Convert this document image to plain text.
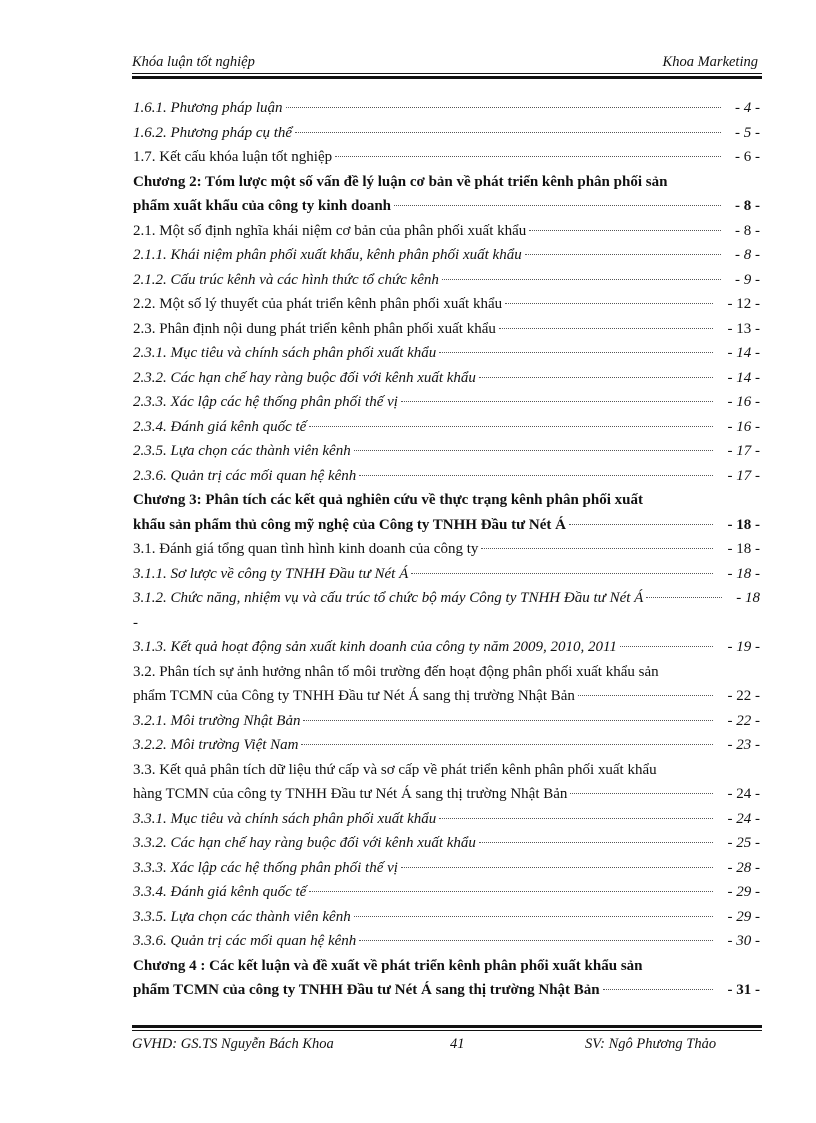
Khóa luận tốt nghiệp	Khoa Marketing
1.6.1. Phương pháp luận	- 4 -
1.6.2. Phương pháp cụ thể	- 5 -
1.7. Kết cấu khóa luận tốt nghiệp	- 6 -
Chương 2: Tóm lược một số vấn đề lý luận cơ bản về phát triển kênh phân phối sản
phẩm xuất khẩu của công ty kinh doanh	- 8 -
2.1. Một số định nghĩa khái niệm cơ bản của phân phối xuất khẩu	- 8 -
2.1.1. Khái niệm phân phối xuất khẩu, kênh phân phối xuất khẩu	- 8 -
2.1.2. Cấu trúc kênh và các hình thức tổ chức kênh	- 9 -
2.2. Một số lý thuyết của phát triển kênh phân phối xuất khẩu	- 12 -
2.3. Phân định nội dung phát triển kênh phân phối xuất khẩu	- 13 -
2.3.1. Mục tiêu và chính sách phân phối xuất khẩu	- 14 -
2.3.2. Các hạn chế hay ràng buộc đối với kênh xuất khẩu	- 14 -
2.3.3. Xác lập các hệ thống phân phối thế vị	- 16 -
2.3.4. Đánh giá kênh quốc tế	- 16 -
2.3.5. Lựa chọn các thành viên kênh	- 17 -
2.3.6. Quản trị các mối quan hệ kênh	- 17 -
Chương 3: Phân tích các kết quả nghiên cứu về thực trạng kênh phân phối xuất
khẩu sản phẩm thủ công mỹ nghệ của Công ty TNHH Đầu tư Nét Á	- 18 -
3.1. Đánh giá tổng quan tình hình kinh doanh của công ty	- 18 -
3.1.1. Sơ lược về công ty TNHH Đầu tư Nét Á	- 18 -
3.1.2. Chức năng, nhiệm vụ và cấu trúc tổ chức bộ máy Công ty TNHH Đầu tư Nét Á	- 18
-
3.1.3. Kết quả hoạt động sản xuất kinh doanh của công ty năm 2009, 2010, 2011	- 19 -
3.2. Phân tích sự ảnh hưởng nhân tố môi trường đến hoạt động phân phối xuất khẩu sản
phẩm TCMN của Công ty TNHH Đầu tư Nét Á sang thị trường Nhật Bản	- 22 -
3.2.1. Môi trường Nhật Bản	- 22 -
3.2.2. Môi trường Việt Nam	- 23 -
3.3. Kết quả phân tích dữ liệu thứ cấp và sơ cấp về phát triển kênh phân phối xuất khẩu
hàng TCMN của công ty TNHH Đầu tư Nét Á sang thị trường Nhật Bản	- 24 -
3.3.1. Mục tiêu và chính sách phân phối xuất khẩu	- 24 -
3.3.2. Các hạn chế hay ràng buộc đối với kênh xuất khẩu	- 25 -
3.3.3. Xác lập các hệ thống phân phối thế vị	- 28 -
3.3.4. Đánh giá kênh quốc tế	- 29 -
3.3.5. Lựa chọn các thành viên kênh	- 29 -
3.3.6. Quản trị các mối quan hệ kênh	- 30 -
Chương 4 : Các kết luận và đề xuất về phát triển kênh phân phối xuất khẩu sản
phẩm TCMN của công ty TNHH Đầu tư Nét Á sang thị trường Nhật Bản	- 31 -
GVHD: GS.TS Nguyễn Bách Khoa	41	SV: Ngô Phương Thảo
